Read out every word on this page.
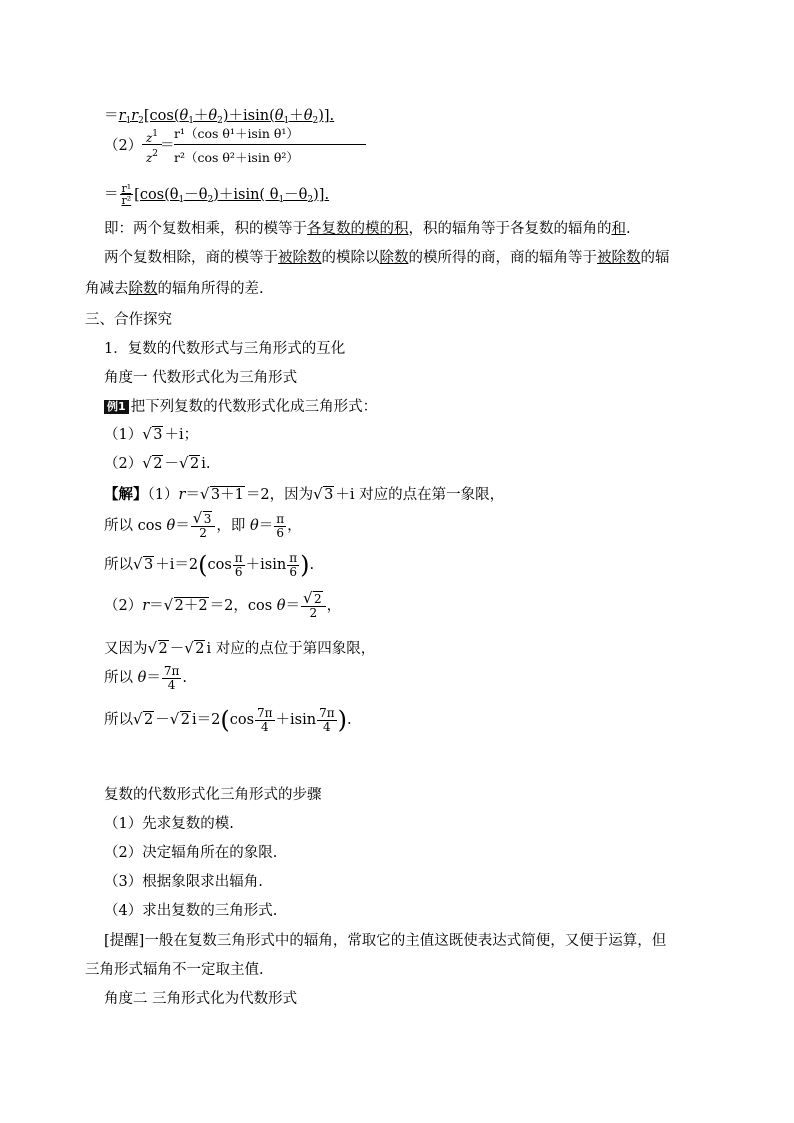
$=r_1r_2[\cos(\theta_1+\theta_2)+isin(\theta_1+\theta_2)]$.
（2） $z^1$
$z^2$ ＝
r¹（cos θ¹＋isin θ¹）
r²（cos θ²＋isin θ²）
＝ $\frac{\text{r¹}}{\text{r²}} [\cos(\theta_1-\theta_2)+isin$( $\theta_1-\theta_2$)].
即：两个复数相乘，积的模等于各复数的模的积，积的辐角等于各复数的辐角的和.
两个复数相除，商的模等于被除数的模除以除数的模所得的商，商的辐角等于被除数的辐
角减去除数的辐角所得的差.
三、合作探究
1．复数的代数形式与三角形式的互化
角度一 代数形式化为三角形式
例1 把下列复数的代数形式化成三角形式：
（1） √ 3 ＋i；
（2） √ 2 － √ 2 i.
【解】（1）r＝ √ 3＋1 ＝2，因为 √ 3 ＋i 对应的点在第一象限，
所以 cos θ＝ √ $\frac{3}{2}$ ，即 $\theta= \frac{\pi}{6}$ ，
所以 √ $3 +i=2(\cos \frac{\pi}{6} +isin \frac{\pi}{6}$ ).
（2）r＝ √ 2＋2 ＝2，cos θ＝ √ $\frac{2}{2}$ ，
又因为 √ 2 － √ 2 i 对应的点位于第四象限，
所以 $\theta= \frac{7\pi}{4}$ .
所以 √ 2 － √ 2 $i=2(\cos \frac{7\pi}{4} +isin \frac{7\pi}{4}$ ).
复数的代数形式化三角形式的步骤
（1）先求复数的模.
（2）决定辐角所在的象限.
（3）根据象限求出辐角.
（4）求出复数的三角形式.
[提醒]一般在复数三角形式中的辐角，常取它的主值这既使表达式简便，又便于运算，但
三角形式辐角不一定取主值.
角度二 三角形式化为代数形式
